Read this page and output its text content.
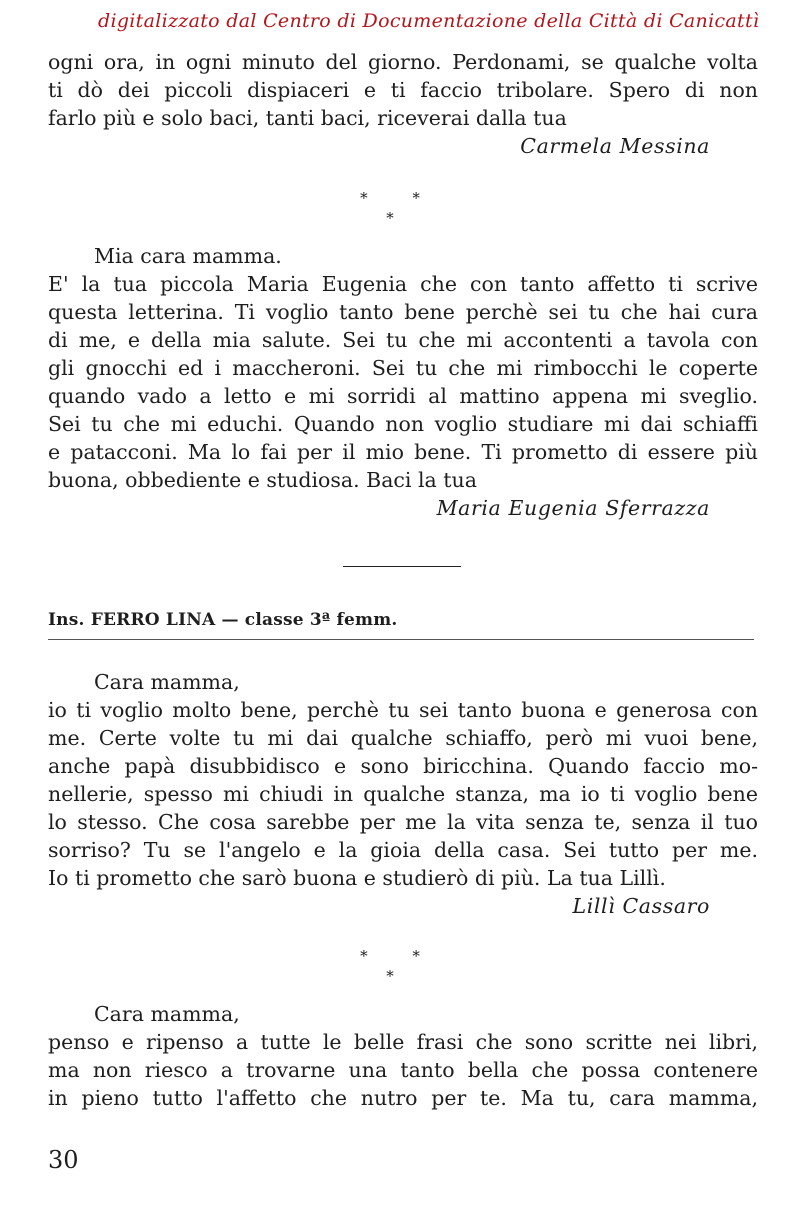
digitalizzato dal Centro di Documentazione della Città di Canicattì
ogni ora, in ogni minuto del giorno. Perdonami, se qualche volta
ti dò dei piccoli dispiaceri e ti faccio tribolare. Spero di non
farlo più e solo baci, tanti baci, riceverai dalla tua
Carmela Messina
* * *
Mia cara mamma.
E' la tua piccola Maria Eugenia che con tanto affetto ti scrive
questa letterina. Ti voglio tanto bene perchè sei tu che hai cura
di me, e della mia salute. Sei tu che mi accontenti a tavola con
gli gnocchi ed i maccheroni. Sei tu che mi rimbocchi le coperte
quando vado a letto e mi sorridi al mattino appena mi sveglio.
Sei tu che mi educhi. Quando non voglio studiare mi dai schiaffi
e patacconi. Ma lo fai per il mio bene. Ti prometto di essere più
buona, obbediente e studiosa. Baci la tua
Maria Eugenia Sferrazza
Ins. FERRO LINA — classe 3ª femm.
Cara mamma,
io ti voglio molto bene, perchè tu sei tanto buona e generosa con
me. Certe volte tu mi dai qualche schiaffo, però mi vuoi bene,
anche papà disubbidisco e sono biricchina. Quando faccio mo-
nellerie, spesso mi chiudi in qualche stanza, ma io ti voglio bene
lo stesso. Che cosa sarebbe per me la vita senza te, senza il tuo
sorriso? Tu se l'angelo e la gioia della casa. Sei tutto per me.
Io ti prometto che sarò buona e studierò di più. La tua Lillì.
Lillì Cassaro
* * *
Cara mamma,
penso e ripenso a tutte le belle frasi che sono scritte nei libri,
ma non riesco a trovarne una tanto bella che possa contenere
in pieno tutto l'affetto che nutro per te. Ma tu, cara mamma,
30
